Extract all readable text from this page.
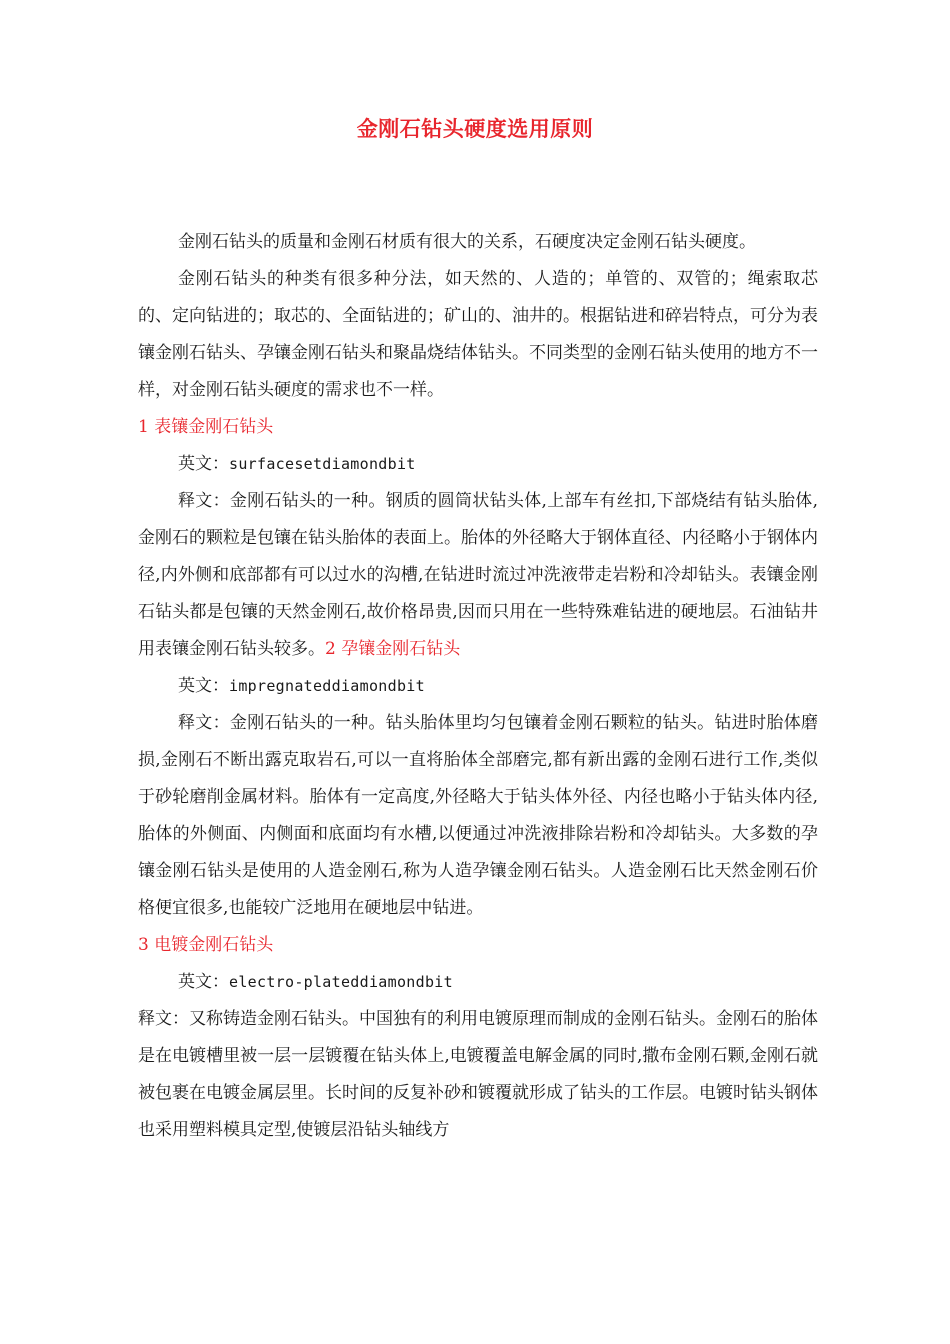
金刚石钻头硬度选用原则

金刚石钻头的质量和金刚石材质有很大的关系，石硬度决定金刚石钻头硬度。

金刚石钻头的种类有很多种分法，如天然的、人造的；单管的、双管的；绳索取芯的、定向钻进的；取芯的、全面钻进的；矿山的、油井的。根据钻进和碎岩特点，可分为表镶金刚石钻头、孕镶金刚石钻头和聚晶烧结体钻头。不同类型的金刚石钻头使用的地方不一样，对金刚石钻头硬度的需求也不一样。

1 表镶金刚石钻头

英文：surfacesetdiamondbit

释文：金刚石钻头的一种。钢质的圆筒状钻头体,上部车有丝扣,下部烧结有钻头胎体,金刚石的颗粒是包镶在钻头胎体的表面上。胎体的外径略大于钢体直径、内径略小于钢体内径,内外侧和底部都有可以过水的沟槽,在钻进时流过冲洗液带走岩粉和冷却钻头。表镶金刚石钻头都是包镶的天然金刚石,故价格昂贵,因而只用在一些特殊难钻进的硬地层。石油钻井用表镶金刚石钻头较多。2 孕镶金刚石钻头

英文：impregnateddiamondbit

释文：金刚石钻头的一种。钻头胎体里均匀包镶着金刚石颗粒的钻头。钻进时胎体磨损,金刚石不断出露克取岩石,可以一直将胎体全部磨完,都有新出露的金刚石进行工作,类似于砂轮磨削金属材料。胎体有一定高度,外径略大于钻头体外径、内径也略小于钻头体内径,胎体的外侧面、内侧面和底面均有水槽,以便通过冲洗液排除岩粉和冷却钻头。大多数的孕镶金刚石钻头是使用的人造金刚石,称为人造孕镶金刚石钻头。人造金刚石比天然金刚石价格便宜很多,也能较广泛地用在硬地层中钻进。

3 电镀金刚石钻头

英文：electro-plateddiamondbit

释文：又称铸造金刚石钻头。中国独有的利用电镀原理而制成的金刚石钻头。金刚石的胎体是在电镀槽里被一层一层镀覆在钻头体上,电镀覆盖电解金属的同时,撒布金刚石颗,金刚石就被包裹在电镀金属层里。长时间的反复补砂和镀覆就形成了钻头的工作层。电镀时钻头钢体也采用塑料模具定型,使镀层沿钻头轴线方
